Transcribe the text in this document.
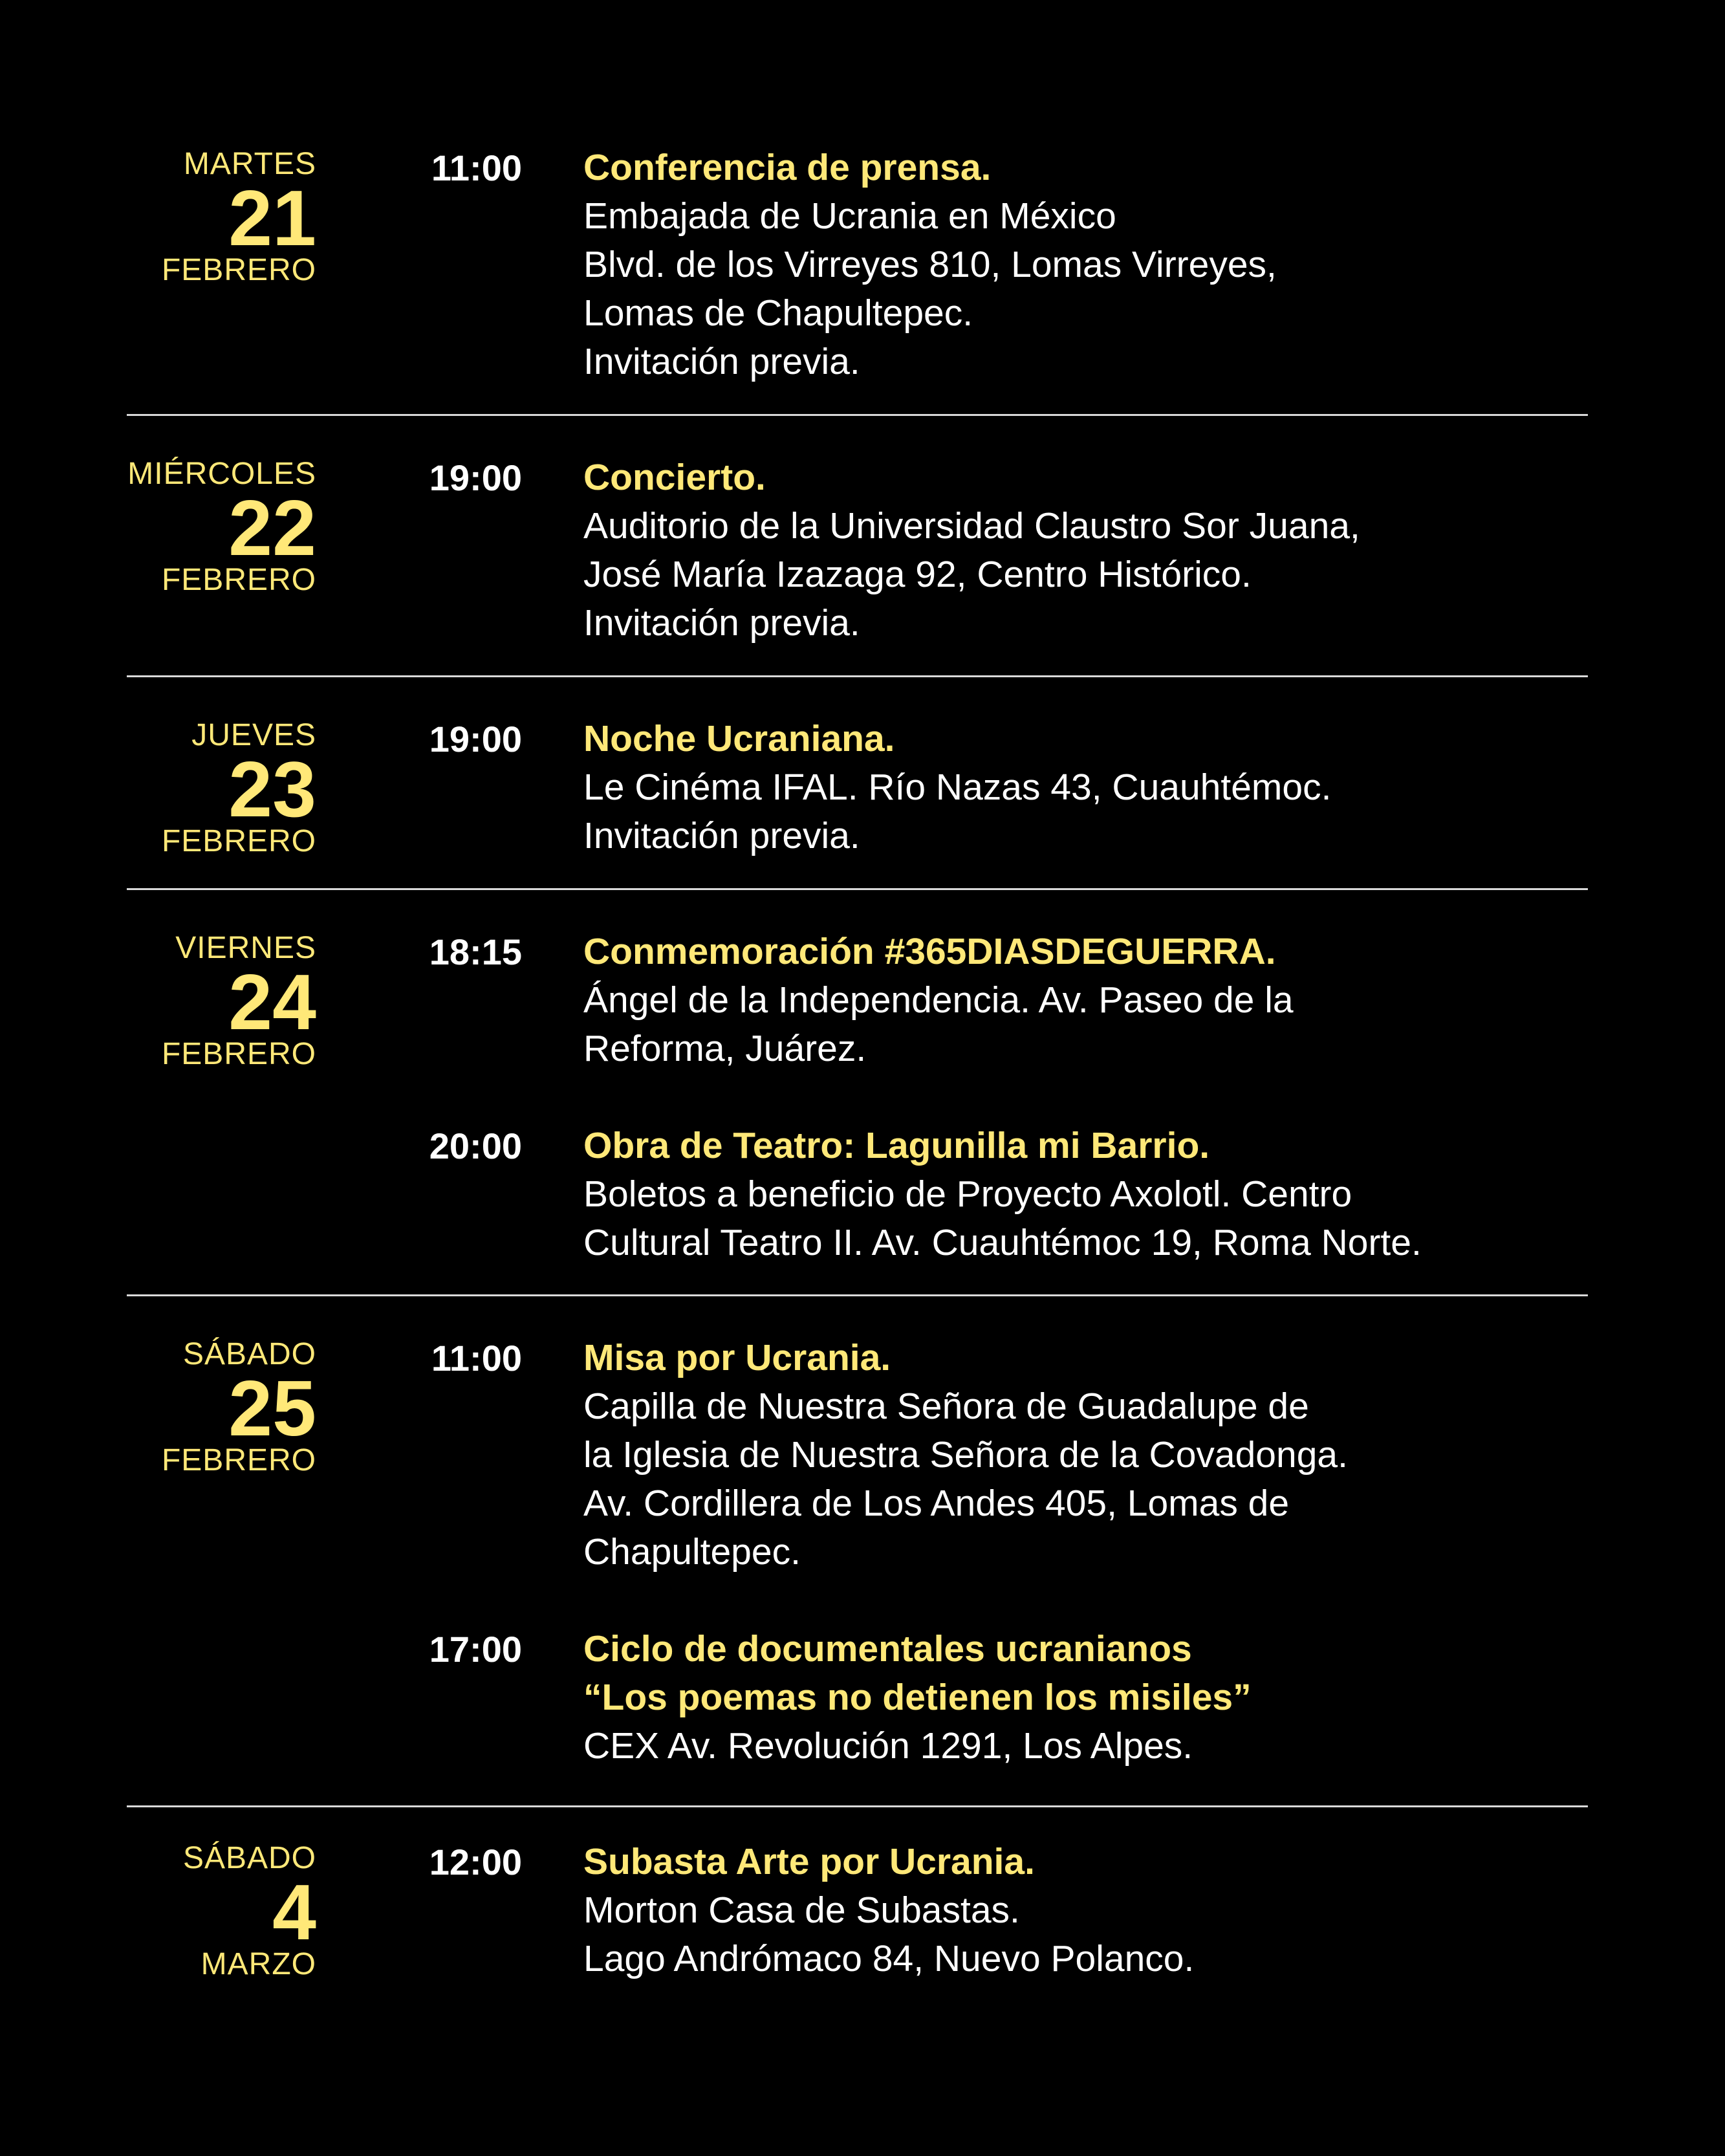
MARTES
21
FEBRERO
11:00 Conferencia de prensa.
Embajada de Ucrania en México
Blvd. de los Virreyes 810, Lomas Virreyes,
Lomas de Chapultepec.
Invitación previa.
MIÉRCOLES
22
FEBRERO
19:00 Concierto.
Auditorio de la Universidad Claustro Sor Juana,
José María Izazaga 92, Centro Histórico.
Invitación previa.
JUEVES
23
FEBRERO
19:00 Noche Ucraniana.
Le Cinéma IFAL. Río Nazas 43, Cuauhtémoc.
Invitación previa.
VIERNES
24
FEBRERO
18:15 Conmemoración #365DIASDEGUERRA.
Ángel de la Independencia. Av. Paseo de la
Reforma, Juárez.
20:00 Obra de Teatro: Lagunilla mi Barrio.
Boletos a beneficio de Proyecto Axolotl. Centro
Cultural Teatro II. Av. Cuauhtémoc 19, Roma Norte.
SÁBADO
25
FEBRERO
11:00 Misa por Ucrania.
Capilla de Nuestra Señora de Guadalupe de
la Iglesia de Nuestra Señora de la Covadonga.
Av. Cordillera de Los Andes 405, Lomas de
Chapultepec.
17:00 Ciclo de documentales ucranianos
“Los poemas no detienen los misiles”
CEX Av. Revolución 1291, Los Alpes.
SÁBADO
4
MARZO
12:00 Subasta Arte por Ucrania.
Morton Casa de Subastas.
Lago Andrómaco 84, Nuevo Polanco.
